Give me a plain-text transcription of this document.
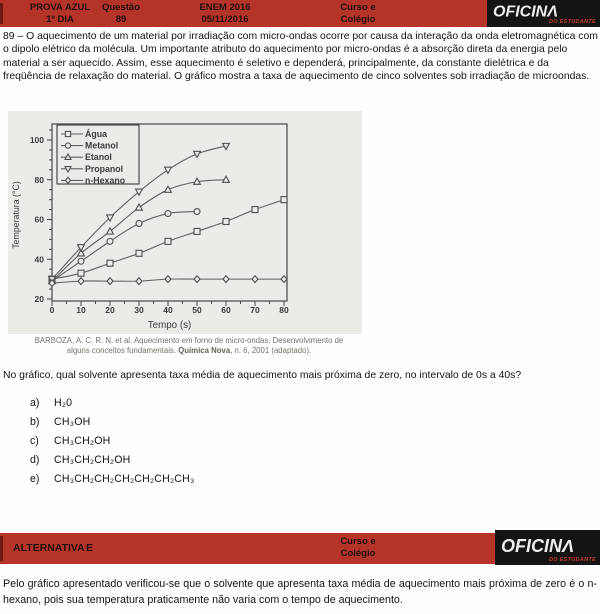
PROVA AZUL
1º DIA
Questão
89
ENEM 2016
05/11/2016
Curso e
Colégio	OFICINΛ
DO ESTUDANTE
89 – O aquecimento de um material por irradiação com micro-ondas ocorre por causa da interação da onda eletromagnética com o dipolo elétrico da molécula. Um importante atributo do aquecimento por micro-ondas é a absorção direta da energia pelo material a ser aquecido. Assim, esse aquecimento é seletivo e dependerá, principalmente, da constante dielétrica e da freqüência de relaxação do material. O gráfico mostra a taxa de aquecimento de cinco solventes sob irradiação de microondas.
0	10 20 30 40 50 60 70 80
20
40
60
80
100
Tempo (s)
Temperatura (°C)
Água
Metanol
Etanol
Propanol
n-Hexano
BARBOZA, A. C. R. N. et al. Aquecimento em forno de micro-ondas. Desenvolvimento de
alguns conceitos fundamentais. Química Nova, n. 6, 2001 (adaptado).
No gráfico, qual solvente apresenta taxa média de aquecimento mais próxima de zero, no intervalo de 0s a 40s?
a) H₂0
b) CH₃OH
c) CH₃CH₂OH
d) CH₃CH₂CH₂OH
e) CH₃CH₂CH₂CH₂CH₂CH₂CH₃
ALTERNATIVA E
Curso e
Colégio	OFICINΛ
DO ESTUDANTE
Pelo gráfico apresentado verificou-se que o solvente que apresenta taxa média de aquecimento mais próxima de zero é o n-hexano, pois sua temperatura praticamente não varia com o tempo de aquecimento.
